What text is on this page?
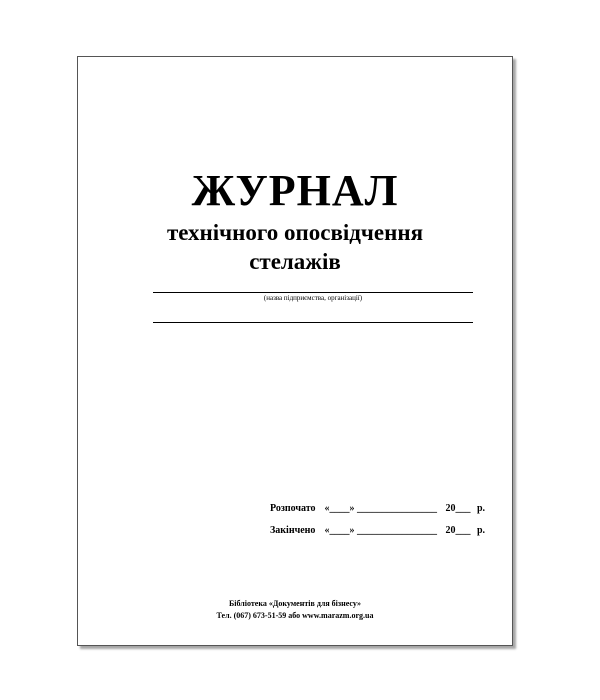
ЖУРНАЛ
технічного опосвідчення
стелажів
(назва підприємства, організації)
Розпочато «____» ________________ 20___ р.
Закінчено «____» ________________ 20___ р.
Бібліотека «Документів для бізнесу»
Тел. (067) 673-51-59 або www.marazm.org.ua
